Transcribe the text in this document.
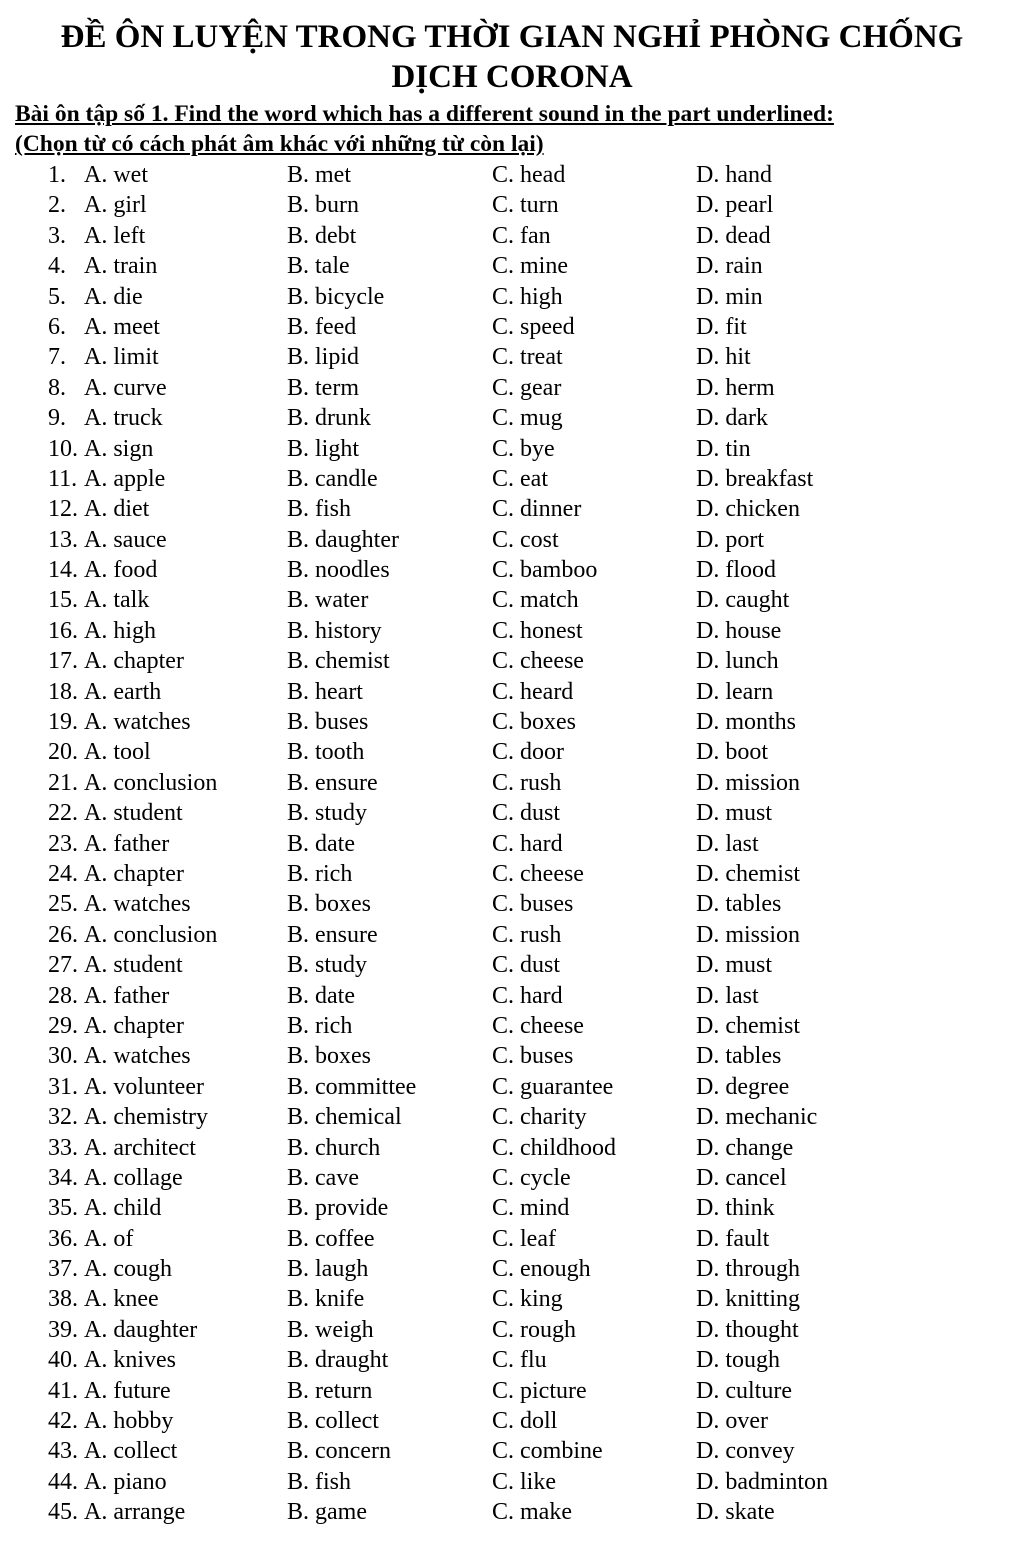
ĐỀ ÔN LUYỆN TRONG THỜI GIAN NGHỈ PHÒNG CHỐNG
DỊCH CORONA

Bài ôn tập số 1. Find the word which has a different sound in the part underlined:

(Chọn từ có cách phát âm khác với những từ còn lại)

1. A. wet	B. met	C. head	D. hand
2. A. girl	B. burn	C. turn	D. pearl
3. A. left	B. debt	C. fan	D. dead
4. A. train	B. tale	C. mine	D. rain
5. A. die	B. bicycle	C. high	D. min
6. A. meet	B. feed	C. speed	D. fit
7. A. limit	B. lipid	C. treat	D. hit
8. A. curve	B. term	C. gear	D. herm
9. A. truck	B. drunk	C. mug	D. dark
10. A. sign	B. light	C. bye	D. tin
11. A. apple	B. candle	C. eat	D. breakfast
12. A. diet	B. fish	C. dinner	D. chicken
13. A. sauce	B. daughter	C. cost	D. port
14. A. food	B. noodles	C. bamboo	D. flood
15. A. talk	B. water	C. match	D. caught
16. A. high	B. history	C. honest	D. house
17. A. chapter	B. chemist	C. cheese	D. lunch
18. A. earth	B. heart	C. heard	D. learn
19. A. watches	B. buses	C. boxes	D. months
20. A. tool	B. tooth	C. door	D. boot
21. A. conclusion	B. ensure	C. rush	D. mission
22. A. student	B. study	C. dust	D. must
23. A. father	B. date	C. hard	D. last
24. A. chapter	B. rich	C. cheese	D. chemist
25. A. watches	B. boxes	C. buses	D. tables
26. A. conclusion	B. ensure	C. rush	D. mission
27. A. student	B. study	C. dust	D. must
28. A. father	B. date	C. hard	D. last
29. A. chapter	B. rich	C. cheese	D. chemist
30. A. watches	B. boxes	C. buses	D. tables
31. A. volunteer	B. committee	C. guarantee	D. degree
32. A. chemistry	B. chemical	C. charity	D. mechanic
33. A. architect	B. church	C. childhood	D. change
34. A. collage	B. cave	C. cycle	D. cancel
35. A. child	B. provide	C. mind	D. think
36. A. of	B. coffee	C. leaf	D. fault
37. A. cough	B. laugh	C. enough	D. through
38. A. knee	B. knife	C. king	D. knitting
39. A. daughter	B. weigh	C. rough	D. thought
40. A. knives	B. draught	C. flu	D. tough
41. A. future	B. return	C. picture	D. culture
42. A. hobby	B. collect	C. doll	D. over
43. A. collect	B. concern	C. combine	D. convey
44. A. piano	B. fish	C. like	D. badminton
45. A. arrange	B. game	C. make	D. skate
